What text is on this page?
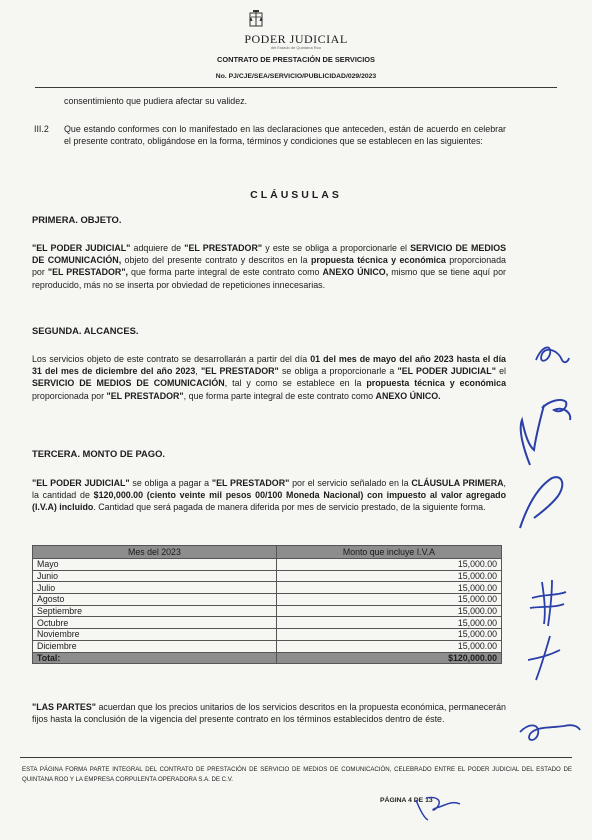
PODER JUDICIAL
del Estado de Quintana Roo
CONTRATO DE PRESTACIÓN DE SERVICIOS
No. PJ/CJE/SEA/SERVICIO/PUBLICIDAD/029/2023
consentimiento que pudiera afectar su validez.
III.2	Que estando conformes con lo manifestado en las declaraciones que anteceden, están de acuerdo en celebrar el presente contrato, obligándose en la forma, términos y condiciones que se establecen en las siguientes:
CLÁUSULAS
PRIMERA. OBJETO.
"EL PODER JUDICIAL" adquiere de "EL PRESTADOR" y este se obliga a proporcionarle el SERVICIO DE MEDIOS DE COMUNICACIÓN, objeto del presente contrato y descritos en la propuesta técnica y económica proporcionada por "EL PRESTADOR", que forma parte integral de este contrato como ANEXO ÚNICO, mismo que se tiene aquí por reproducido, más no se inserta por obviedad de repeticiones innecesarias.
SEGUNDA. ALCANCES.
Los servicios objeto de este contrato se desarrollarán a partir del día 01 del mes de mayo del año 2023 hasta el día 31 del mes de diciembre del año 2023, "EL PRESTADOR" se obliga a proporcionarle a "EL PODER JUDICIAL" el SERVICIO DE MEDIOS DE COMUNICACIÓN, tal y como se establece en la propuesta técnica y económica proporcionada por "EL PRESTADOR", que forma parte integral de este contrato como ANEXO ÚNICO.
TERCERA. MONTO DE PAGO.
"EL PODER JUDICIAL" se obliga a pagar a "EL PRESTADOR" por el servicio señalado en la CLÁUSULA PRIMERA, la cantidad de $120,000.00 (ciento veinte mil pesos 00/100 Moneda Nacional) con impuesto al valor agregado (I.V.A) incluido. Cantidad que será pagada de manera diferida por mes de servicio prestado, de la siguiente forma.
Mes del 2023	Monto que incluye I.V.A
Mayo	15,000.00
Junio	15,000.00
Julio	15,000.00
Agosto	15,000.00
Septiembre	15,000.00
Octubre	15,000.00
Noviembre	15,000.00
Diciembre	15,000.00
Total:	$120,000.00
"LAS PARTES" acuerdan que los precios unitarios de los servicios descritos en la propuesta económica, permanecerán fijos hasta la conclusión de la vigencia del presente contrato en los términos establecidos dentro de éste.
ESTA PÁGINA FORMA PARTE INTEGRAL DEL CONTRATO DE PRESTACIÓN DE SERVICIO DE MEDIOS DE COMUNICACIÓN, CELEBRADO ENTRE EL PODER JUDICIAL DEL ESTADO DE QUINTANA ROO Y LA EMPRESA CORPULENTA OPERADORA S.A. DE C.V.
PÁGINA 4 DE 13
